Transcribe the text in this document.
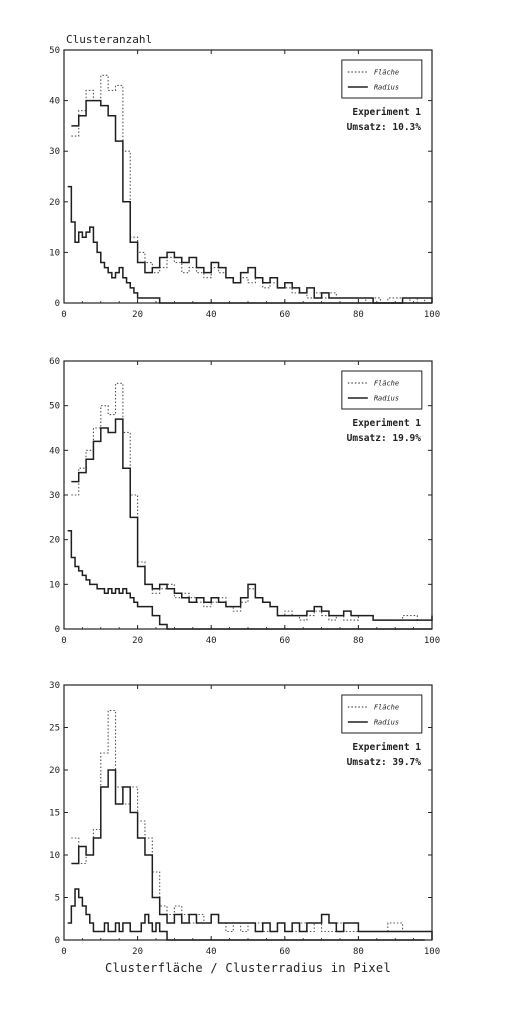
Clusteranzahl
0	20	40	60	80	100
0
10
20
30
40
50
Fläche
Radius
Experiment 1
Umsatz: 10.3%
0	20	40	60	80	100
0
10
20
30
40
50
60
Fläche
Radius
Experiment 1
Umsatz: 19.9%
0	20	40	60	80	100
0
5
10
15
20
25
30
Fläche
Radius
Experiment 1
Umsatz: 39.7%
Clusterfläche / Clusterradius in Pixel
